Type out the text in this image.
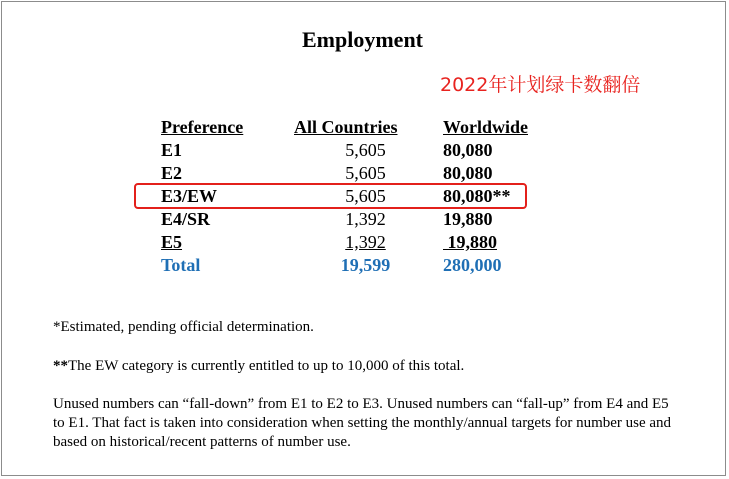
Employment
2022年计划绿卡数翻倍
Preference	All Countries	Worldwide
E1	5,605	80,080
E2	5,605	80,080
E3/EW	5,605	80,080**
E4/SR	1,392	19,880
E5	1,392	19,880
Total	19,599	280,000
*Estimated, pending official determination.
**The EW category is currently entitled to up to 10,000 of this total.
Unused numbers can “fall-down” from E1 to E2 to E3. Unused numbers can “fall-up” from E4 and E5 to E1. That fact is taken into consideration when setting the monthly/annual targets for number use and based on historical/recent patterns of number use.
